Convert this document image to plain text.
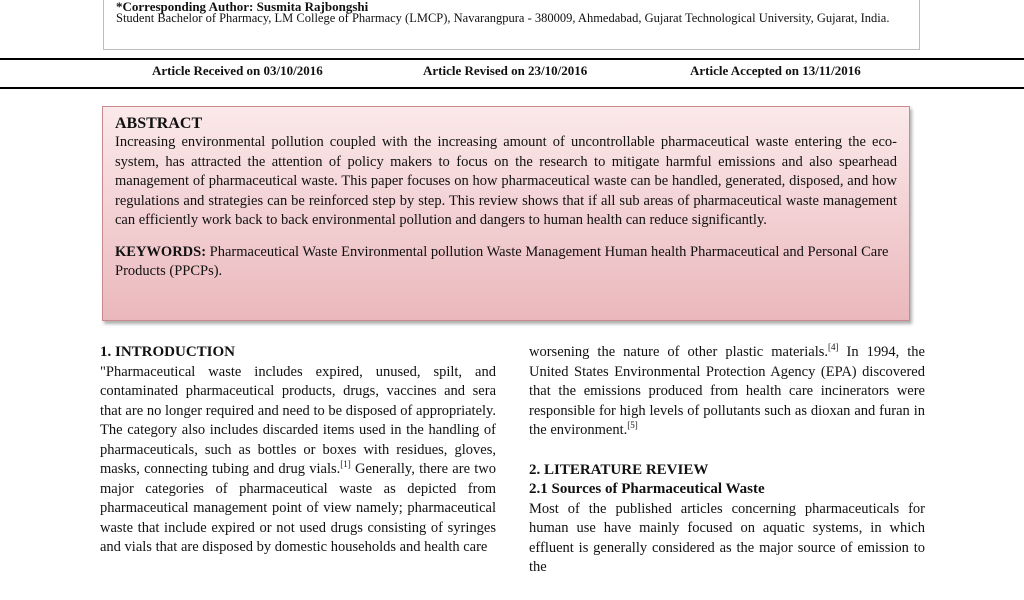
*Corresponding Author: Susmita Rajbongshi
Student Bachelor of Pharmacy, LM College of Pharmacy (LMCP), Navarangpura - 380009, Ahmedabad, Gujarat Technological University, Gujarat, India.
Article Received on 03/10/2016	Article Revised on 23/10/2016	Article Accepted on 13/11/2016
ABSTRACT

Increasing environmental pollution coupled with the increasing amount of uncontrollable pharmaceutical waste entering the eco-system, has attracted the attention of policy makers to focus on the research to mitigate harmful emissions and also spearhead management of pharmaceutical waste. This paper focuses on how pharmaceutical waste can be handled, generated, disposed, and how regulations and strategies can be reinforced step by step. This review shows that if all sub areas of pharmaceutical waste management can efficiently work back to back environmental pollution and dangers to human health can reduce significantly.

KEYWORDS: Pharmaceutical Waste Environmental pollution Waste Management Human health Pharmaceutical and Personal Care Products (PPCPs).
1. INTRODUCTION

"Pharmaceutical waste includes expired, unused, spilt, and contaminated pharmaceutical products, drugs, vaccines and sera that are no longer required and need to be disposed of appropriately. The category also includes discarded items used in the handling of pharmaceuticals, such as bottles or boxes with residues, gloves, masks, connecting tubing and drug vials.[1] Generally, there are two major categories of pharmaceutical waste as depicted from pharmaceutical management point of view namely; pharmaceutical waste that include expired or not used drugs consisting of syringes and vials that are disposed by domestic households and health care

worsening the nature of other plastic materials.[4] In 1994, the United States Environmental Protection Agency (EPA) discovered that the emissions produced from health care incinerators were responsible for high levels of pollutants such as dioxan and furan in the environment.[5]

2. LITERATURE REVIEW
2.1 Sources of Pharmaceutical Waste

Most of the published articles concerning pharmaceuticals for human use have mainly focused on aquatic systems, in which effluent is generally considered as the major source of emission to the
